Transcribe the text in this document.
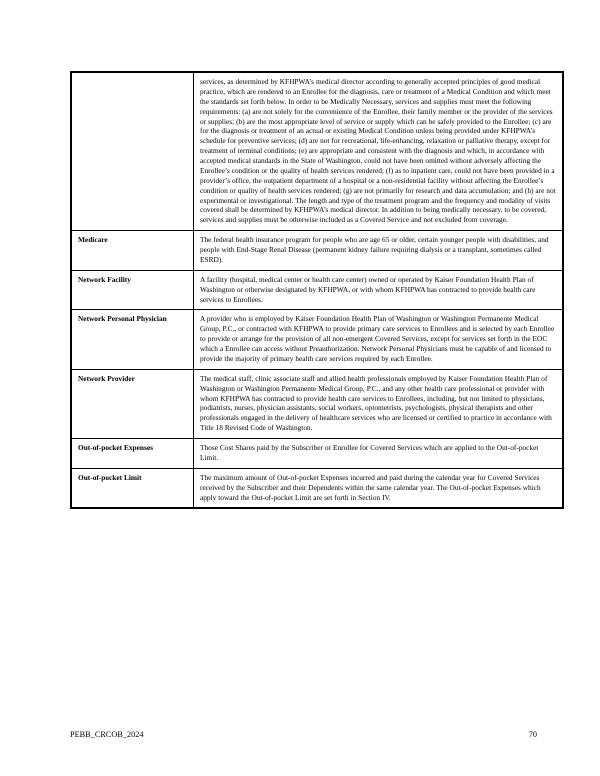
	services, as determined by KFHPWA’s medical director according to generally accepted principles of good medical practice, which are rendered to an Enrollee for the diagnosis, care or treatment of a Medical Condition and which meet the standards set forth below. In order to be Medically Necessary, services and supplies must meet the following requirements: (a) are not solely for the convenience of the Enrollee, their family member or the provider of the services or supplies; (b) are the most appropriate level of service or supply which can be safely provided to the Enrollee; (c) are for the diagnosis or treatment of an actual or existing Medical Condition unless being provided under KFHPWA’s schedule for preventive services; (d) are not for recreational, life-enhancing, relaxation or palliative therapy, except for treatment of terminal conditions; (e) are appropriate and consistent with the diagnosis and which, in accordance with accepted medical standards in the State of Washington, could not have been omitted without adversely affecting the Enrollee’s condition or the quality of health services rendered; (f) as to inpatient care, could not have been provided in a provider’s office, the outpatient department of a hospital or a non-residential facility without affecting the Enrollee’s condition or quality of health services rendered; (g) are not primarily for research and data accumulation; and (h) are not experimental or investigational. The length and type of the treatment program and the frequency and modality of visits covered shall be determined by KFHPWA’s medical director. In addition to being medically necessary, to be covered, services and supplies must be otherwise included as a Covered Service and not excluded from coverage.
Medicare	The federal health insurance program for people who are age 65 or older, certain younger people with disabilities, and people with End-Stage Renal Disease (permanent kidney failure requiring dialysis or a transplant, sometimes called ESRD).
Network Facility	A facility (hospital, medical center or health care center) owned or operated by Kaiser Foundation Health Plan of Washington or otherwise designated by KFHPWA, or with whom KFHPWA has contracted to provide health care services to Enrollees.
Network Personal Physician	A provider who is employed by Kaiser Foundation Health Plan of Washington or Washington Permanente Medical Group, P.C., or contracted with KFHPWA to provide primary care services to Enrollees and is selected by each Enrollee to provide or arrange for the provision of all non-emergent Covered Services, except for services set forth in the EOC which a Enrollee can access without Preauthorization. Network Personal Physicians must be capable of and licensed to provide the majority of primary health care services required by each Enrollee.
Network Provider	The medical staff, clinic associate staff and allied health professionals employed by Kaiser Foundation Health Plan of Washington or Washington Permanente Medical Group, P.C., and any other health care professional or provider with whom KFHPWA has contracted to provide health care services to Enrollees, including, but not limited to physicians, podiatrists, nurses, physician assistants, social workers, optometrists, psychologists, physical therapists and other professionals engaged in the delivery of healthcare services who are licensed or certified to practice in accordance with Title 18 Revised Code of Washington.
Out-of-pocket Expenses	Those Cost Shares paid by the Subscriber or Enrollee for Covered Services which are applied to the Out-of-pocket Limit.
Out-of-pocket Limit	The maximum amount of Out-of-pocket Expenses incurred and paid during the calendar year for Covered Services received by the Subscriber and their Dependents within the same calendar year. The Out-of-pocket Expenses which apply toward the Out-of-pocket Limit are set forth in Section IV.
PEBB_CRCOB_2024	70
